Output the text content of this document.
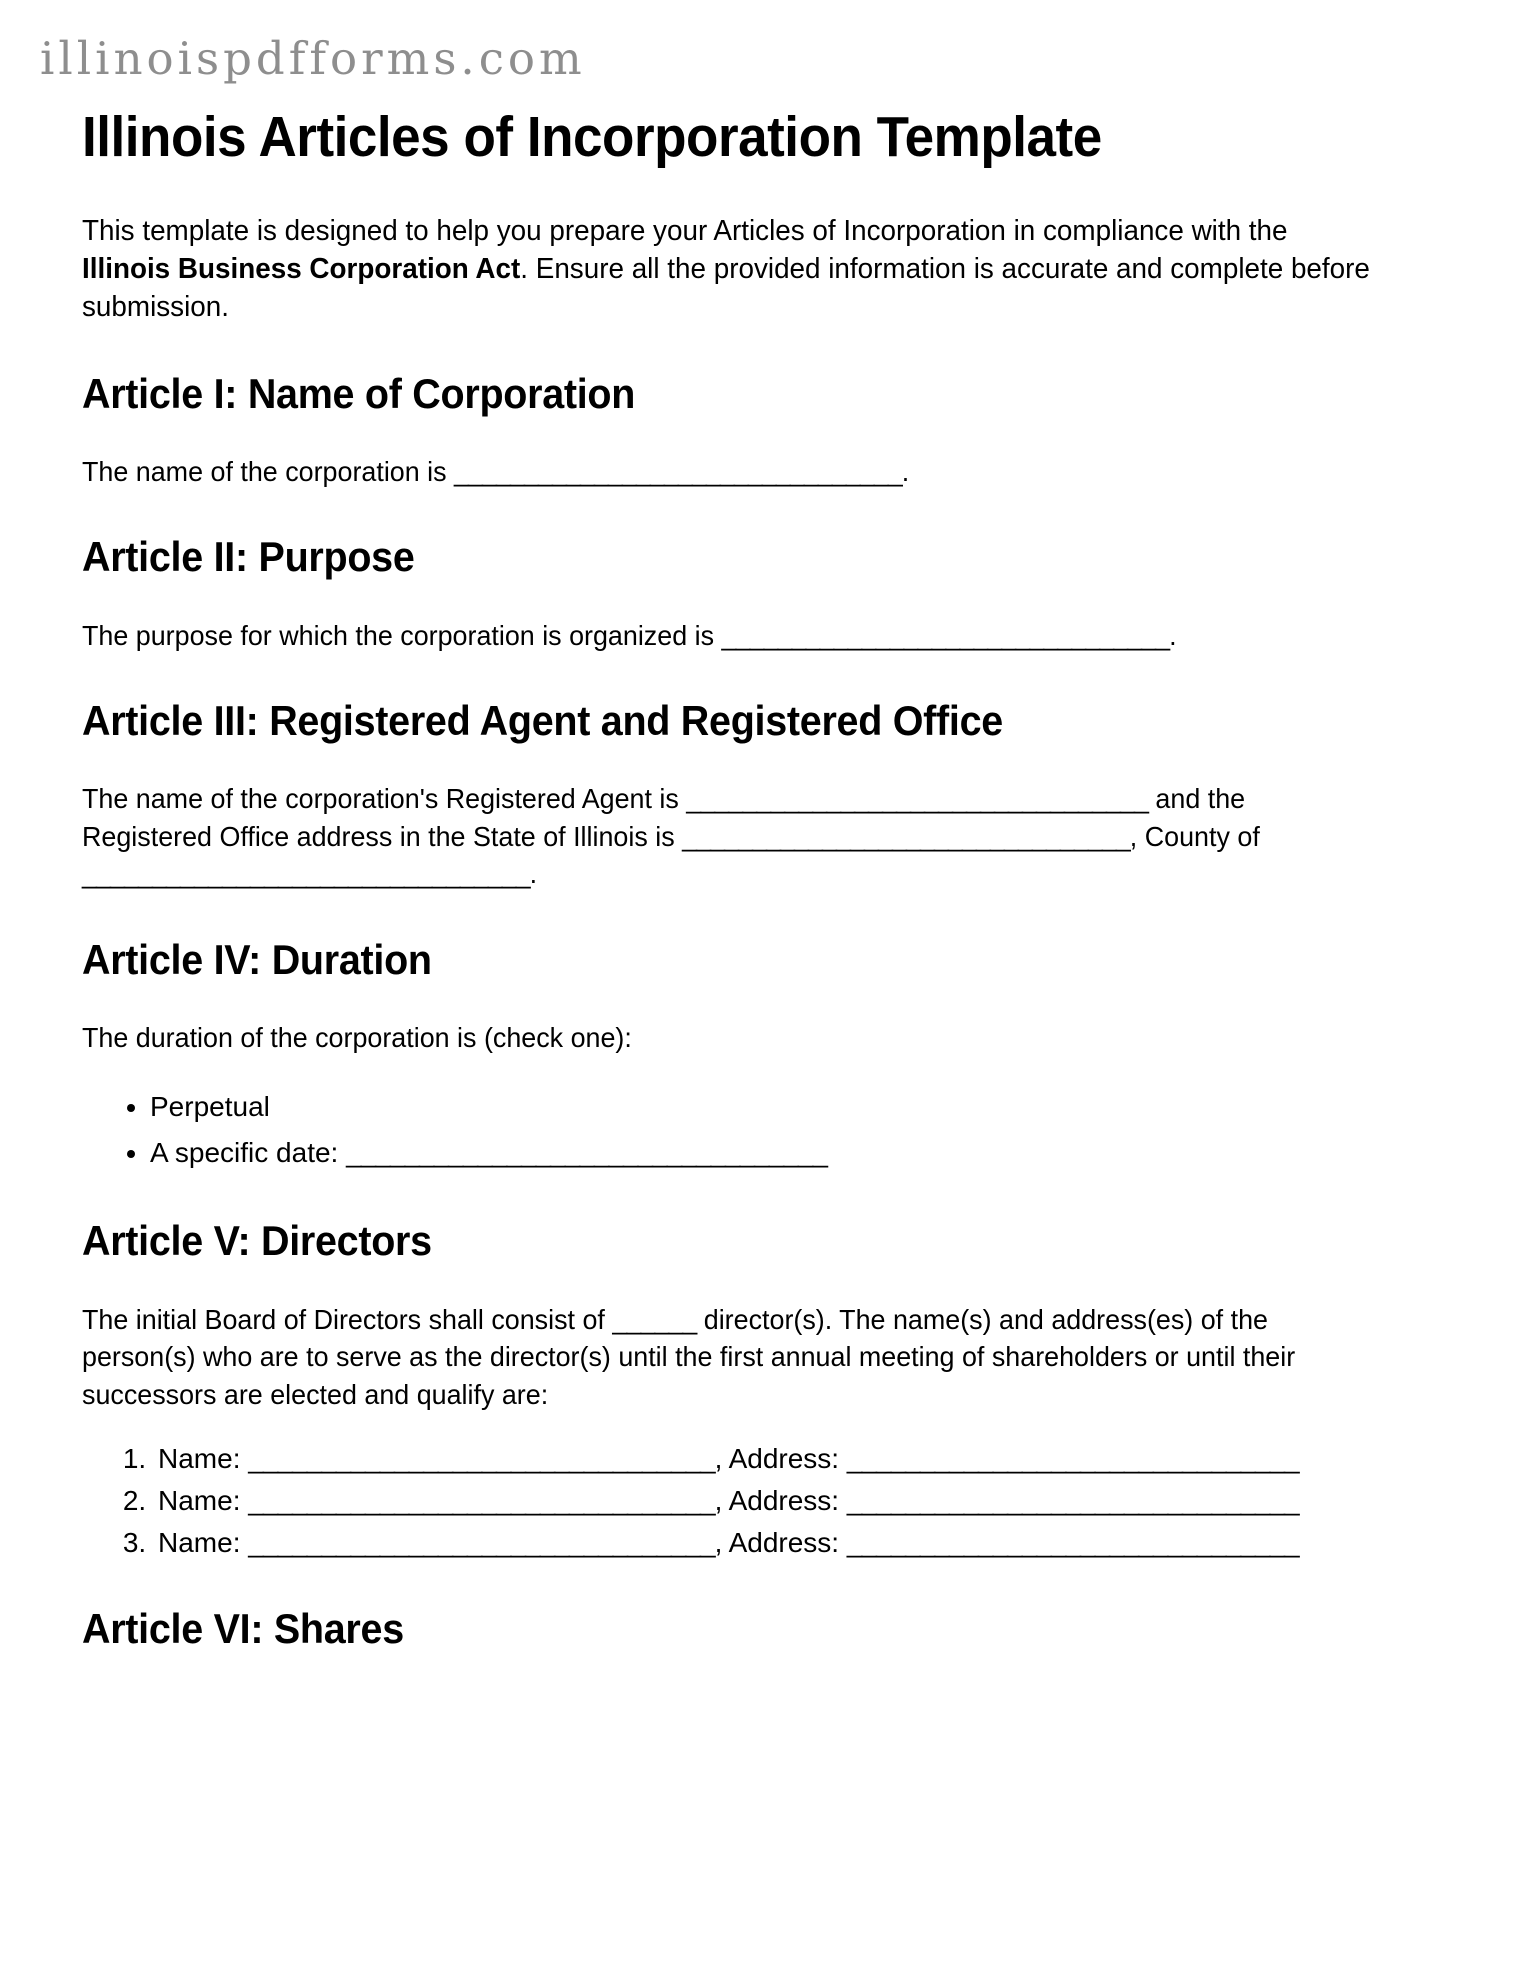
illinoispdfforms.com
Illinois Articles of Incorporation Template

This template is designed to help you prepare your Articles of Incorporation in compliance with the Illinois Business Corporation Act. Ensure all the provided information is accurate and complete before submission.

Article I: Name of Corporation

The name of the corporation is ________________________________.

Article II: Purpose

The purpose for which the corporation is organized is ________________________________.

Article III: Registered Agent and Registered Office

The name of the corporation's Registered Agent is _________________________________ and the Registered Office address in the State of Illinois is ________________________________, County of ________________________________.

Article IV: Duration

The duration of the corporation is (check one):

• Perpetual
• A specific date: _________________________________
Article V: Directors

The initial Board of Directors shall consist of ______ director(s). The name(s) and address(es) of the person(s) who are to serve as the director(s) until the first annual meeting of shareholders or until their successors are elected and qualify are:

1. Name: ________________________________, Address: _______________________________
2. Name: ________________________________, Address: _______________________________
3. Name: ________________________________, Address: _______________________________
Article VI: Shares
